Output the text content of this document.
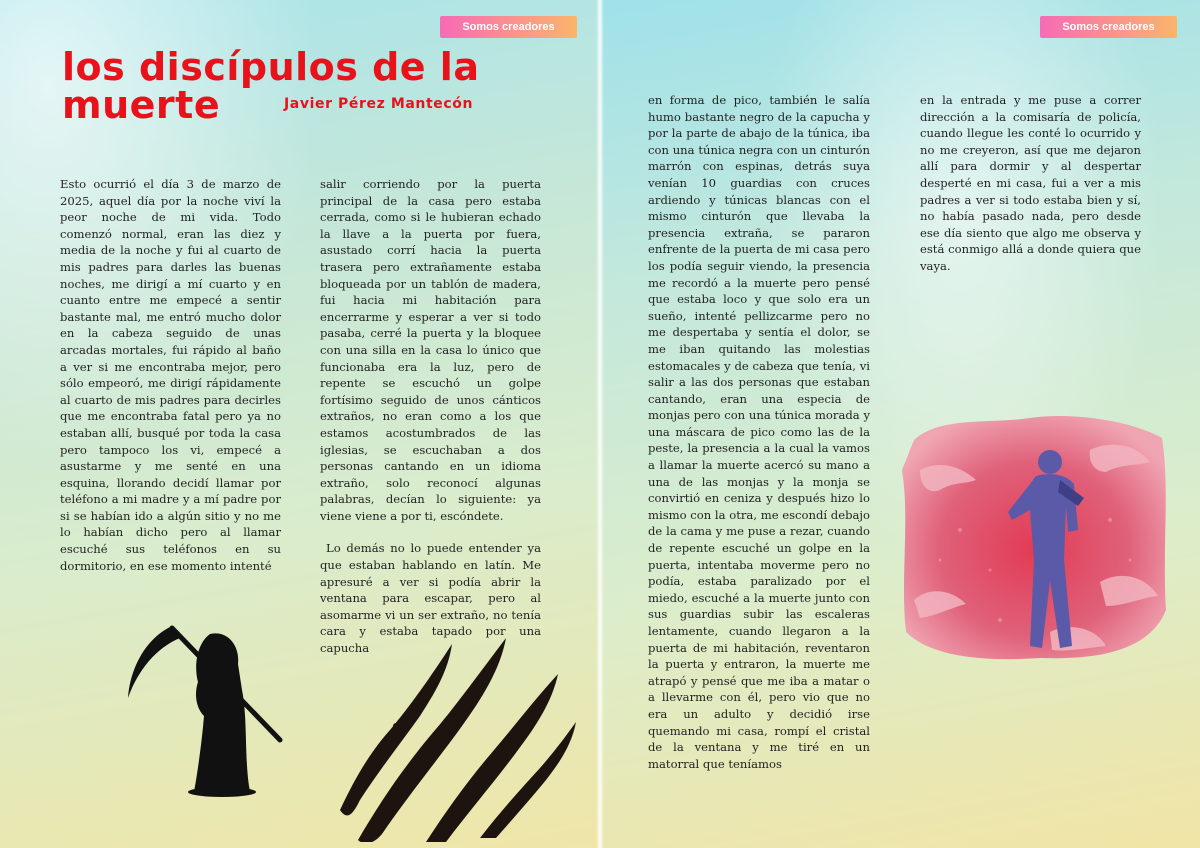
Somos creadores
los discípulos de la
muerte	Javier Pérez Mantecón

Esto ocurrió el día 3 de marzo de 2025, aquel día por la noche viví la peor noche de mi vida. Todo comenzó normal, eran las diez y media de la noche y fui al cuarto de mis padres para darles las buenas noches, me dirigí a mí cuarto y en cuanto entre me empecé a sentir bastante mal, me entró mucho dolor en la cabeza seguido de unas arcadas mortales, fui rápido al baño a ver si me encontraba mejor, pero sólo empeoró, me dirigí rápidamente al cuarto de mis padres para decirles que me encontraba fatal pero ya no estaban allí, busqué por toda la casa pero tampoco los vi, empecé a asustarme y me senté en una esquina, llorando decidí llamar por teléfono a mi madre y a mí padre por si se habían ido a algún sitio y no me lo habían dicho pero al llamar escuché sus teléfonos en su dormitorio, en ese momento intenté

salir corriendo por la puerta principal de la casa pero estaba cerrada, como si le hubieran echado la llave a la puerta por fuera, asustado corrí hacia la puerta trasera pero extrañamente estaba bloqueada por un tablón de madera, fui hacia mi habitación para encerrarme y esperar a ver si todo pasaba, cerré la puerta y la bloquee con una silla en la casa lo único que funcionaba era la luz, pero de repente se escuchó un golpe fortísimo seguido de unos cánticos extraños, no eran como a los que estamos acostumbrados de las iglesias, se escuchaban a dos personas cantando en un idioma extraño, solo reconocí algunas palabras, decían lo siguiente: ya viene viene a por ti, escóndete.

Lo demás no lo puede entender ya que estaban hablando en latín. Me apresuré a ver si podía abrir la ventana para escapar, pero al asomarme vi un ser extraño, no tenía cara y estaba tapado por una capucha

Somos creadores

en forma de pico, también le salía humo bastante negro de la capucha y por la parte de abajo de la túnica, iba con una túnica negra con un cinturón marrón con espinas, detrás suya venían 10 guardias con cruces ardiendo y túnicas blancas con el mismo cinturón que llevaba la presencia extraña, se pararon enfrente de la puerta de mi casa pero los podía seguir viendo, la presencia me recordó a la muerte pero pensé que estaba loco y que solo era un sueño, intenté pellizcarme pero no me despertaba y sentía el dolor, se me iban quitando las molestias estomacales y de cabeza que tenía, vi salir a las dos personas que estaban cantando, eran una especia de monjas pero con una túnica morada y una máscara de pico como las de la peste, la presencia a la cual la vamos a llamar la muerte acercó su mano a una de las monjas y la monja se convirtió en ceniza y después hizo lo mismo con la otra, me escondí debajo de la cama y me puse a rezar, cuando de repente escuché un golpe en la puerta, intentaba moverme pero no podía, estaba paralizado por el miedo, escuché a la muerte junto con sus guardias subir las escaleras lentamente, cuando llegaron a la puerta de mi habitación, reventaron la puerta y entraron, la muerte me atrapó y pensé que me iba a matar o a llevarme con él, pero vio que no era un adulto y decidió irse quemando mi casa, rompí el cristal de la ventana y me tiré en un matorral que teníamos

en la entrada y me puse a correr dirección a la comisaría de policía, cuando llegue les conté lo ocurrido y no me creyeron, así que me dejaron allí para dormir y al despertar desperté en mi casa, fui a ver a mis padres a ver si todo estaba bien y sí, no había pasado nada, pero desde ese día siento que algo me observa y está conmigo allá a donde quiera que vaya.
